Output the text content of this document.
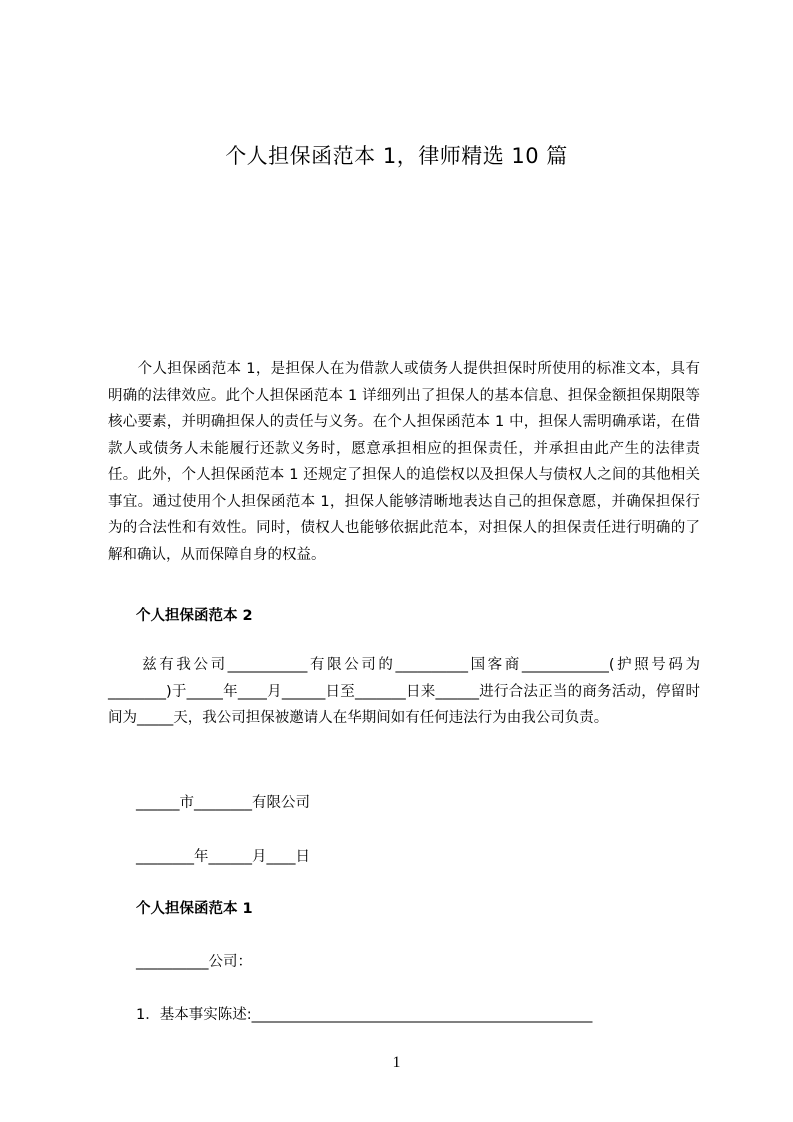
个人担保函范本 1，律师精选 10 篇
　　个人担保函范本 1，是担保人在为借款人或债务人提供担保时所使用的标准文本，具有明确的法律效应。此个人担保函范本 1 详细列出了担保人的基本信息、担保金额担保期限等核心要素，并明确担保人的责任与义务。在个人担保函范本 1 中，担保人需明确承诺，在借款人或债务人未能履行还款义务时，愿意承担相应的担保责任，并承担由此产生的法律责任。此外，个人担保函范本 1 还规定了担保人的追偿权以及担保人与债权人之间的其他相关事宜。通过使用个人担保函范本 1，担保人能够清晰地表达自己的担保意愿，并确保担保行为的合法性和有效性。同时，债权人也能够依据此范本，对担保人的担保责任进行明确的了解和确认，从而保障自身的权益。
个人担保函范本 2
　　兹有我公司___________有限公司的__________国客商____________(护照号码为________)于_____年____月______日至_______日来______进行合法正当的商务活动，停留时间为_____天，我公司担保被邀请人在华期间如有任何违法行为由我公司负责。
______市________有限公司
________年______月____日
个人担保函范本 1
__________公司：
1．基本事实陈述:_______________________________________________
1
